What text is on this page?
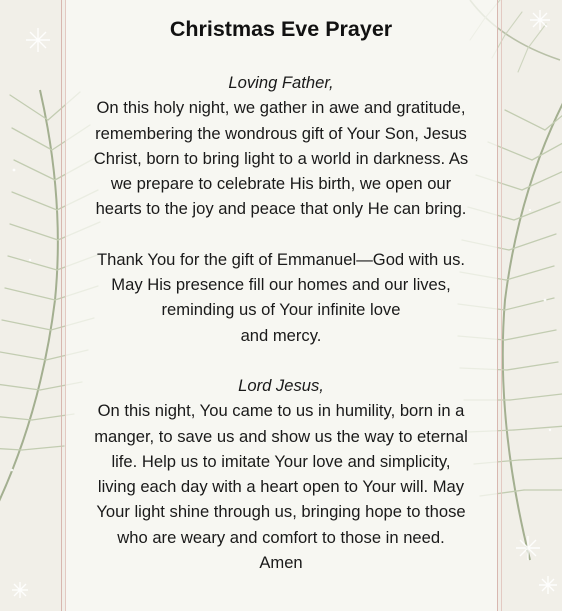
Christmas Eve Prayer

Loving Father,

On this holy night, we gather in awe and gratitude,
remembering the wondrous gift of Your Son, Jesus
Christ, born to bring light to a world in darkness. As
we prepare to celebrate His birth, we open our
hearts to the joy and peace that only He can bring.

Thank You for the gift of Emmanuel—God with us.
May His presence fill our homes and our lives,
reminding us of Your infinite love
and mercy.

Lord Jesus,

On this night, You came to us in humility, born in a
manger, to save us and show us the way to eternal
life. Help us to imitate Your love and simplicity,
living each day with a heart open to Your will. May
Your light shine through us, bringing hope to those
who are weary and comfort to those in need.
Amen
